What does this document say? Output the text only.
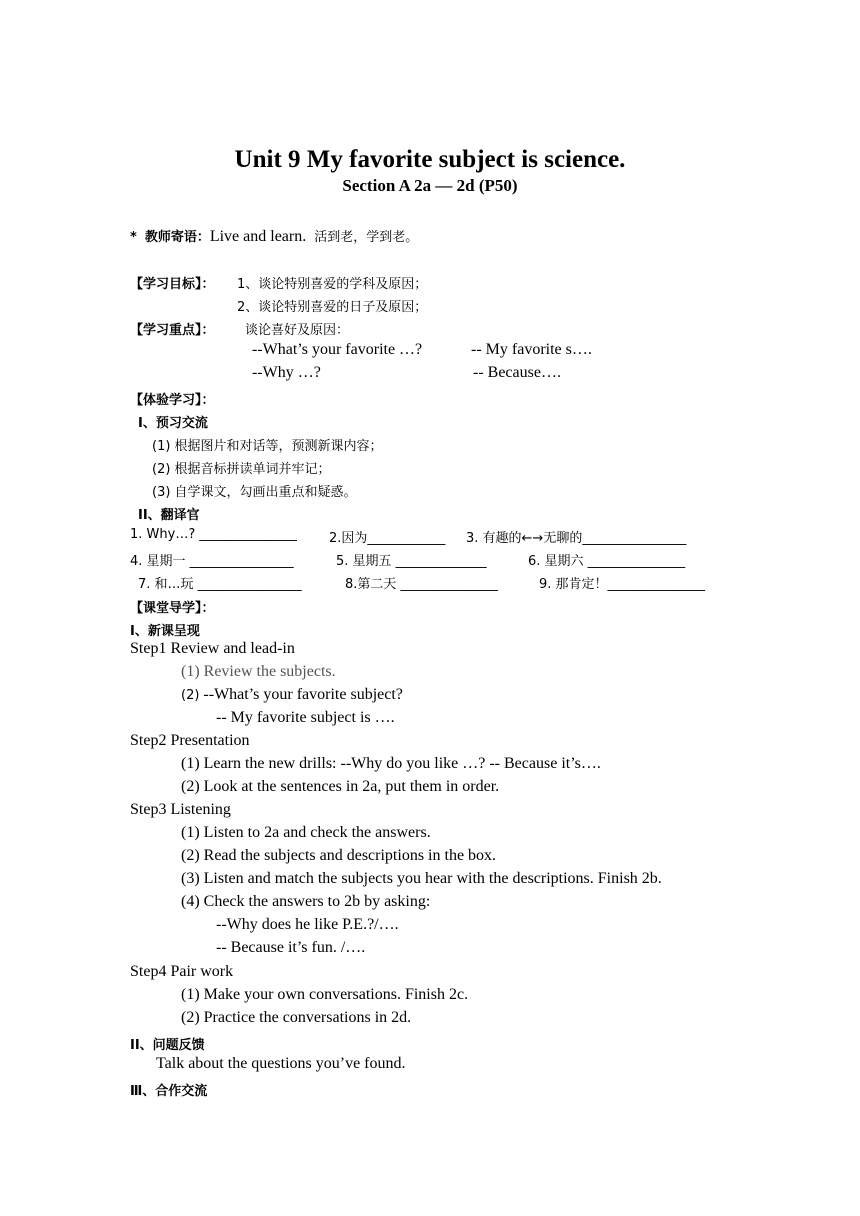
Unit 9 My favorite subject is science.
Section A 2a — 2d (P50)
* 教师寄语：Live and learn. 活到老，学到老。
【学习目标】： 1、谈论特别喜爱的学科及原因；
2、谈论特别喜爱的日子及原因；
【学习重点】： 谈论喜好及原因：
--What’s your favorite …?	-- My favorite s….
--Why …?	-- Because….
【体验学习】：
I、预习交流
(1) 根据图片和对话等，预测新课内容；
(2) 根据音标拼读单词并牢记；
(3) 自学课文，勾画出重点和疑惑。
II、翻译官
1. Why…? _______________ 2.因为____________ 3. 有趣的←→无聊的________________
4. 星期一 ________________	5. 星期五 ______________	6. 星期六 _______________
7. 和…玩 ________________	8.第二天 _______________	9. 那肯定！_______________
【课堂导学】：
I、新课呈现
Step1 Review and lead-in
(1) Review the subjects.
(2) --What’s your favorite subject?
-- My favorite subject is ….
Step2 Presentation
(1) Learn the new drills: --Why do you like …? -- Because it’s….
(2) Look at the sentences in 2a, put them in order.
Step3 Listening
(1) Listen to 2a and check the answers.
(2) Read the subjects and descriptions in the box.
(3) Listen and match the subjects you hear with the descriptions. Finish 2b.
(4) Check the answers to 2b by asking:
--Why does he like P.E.?/….
-- Because it’s fun. /….
Step4 Pair work
(1) Make your own conversations. Finish 2c.
(2) Practice the conversations in 2d.
II、问题反馈
Talk about the questions you’ve found.
Ⅲ、合作交流
